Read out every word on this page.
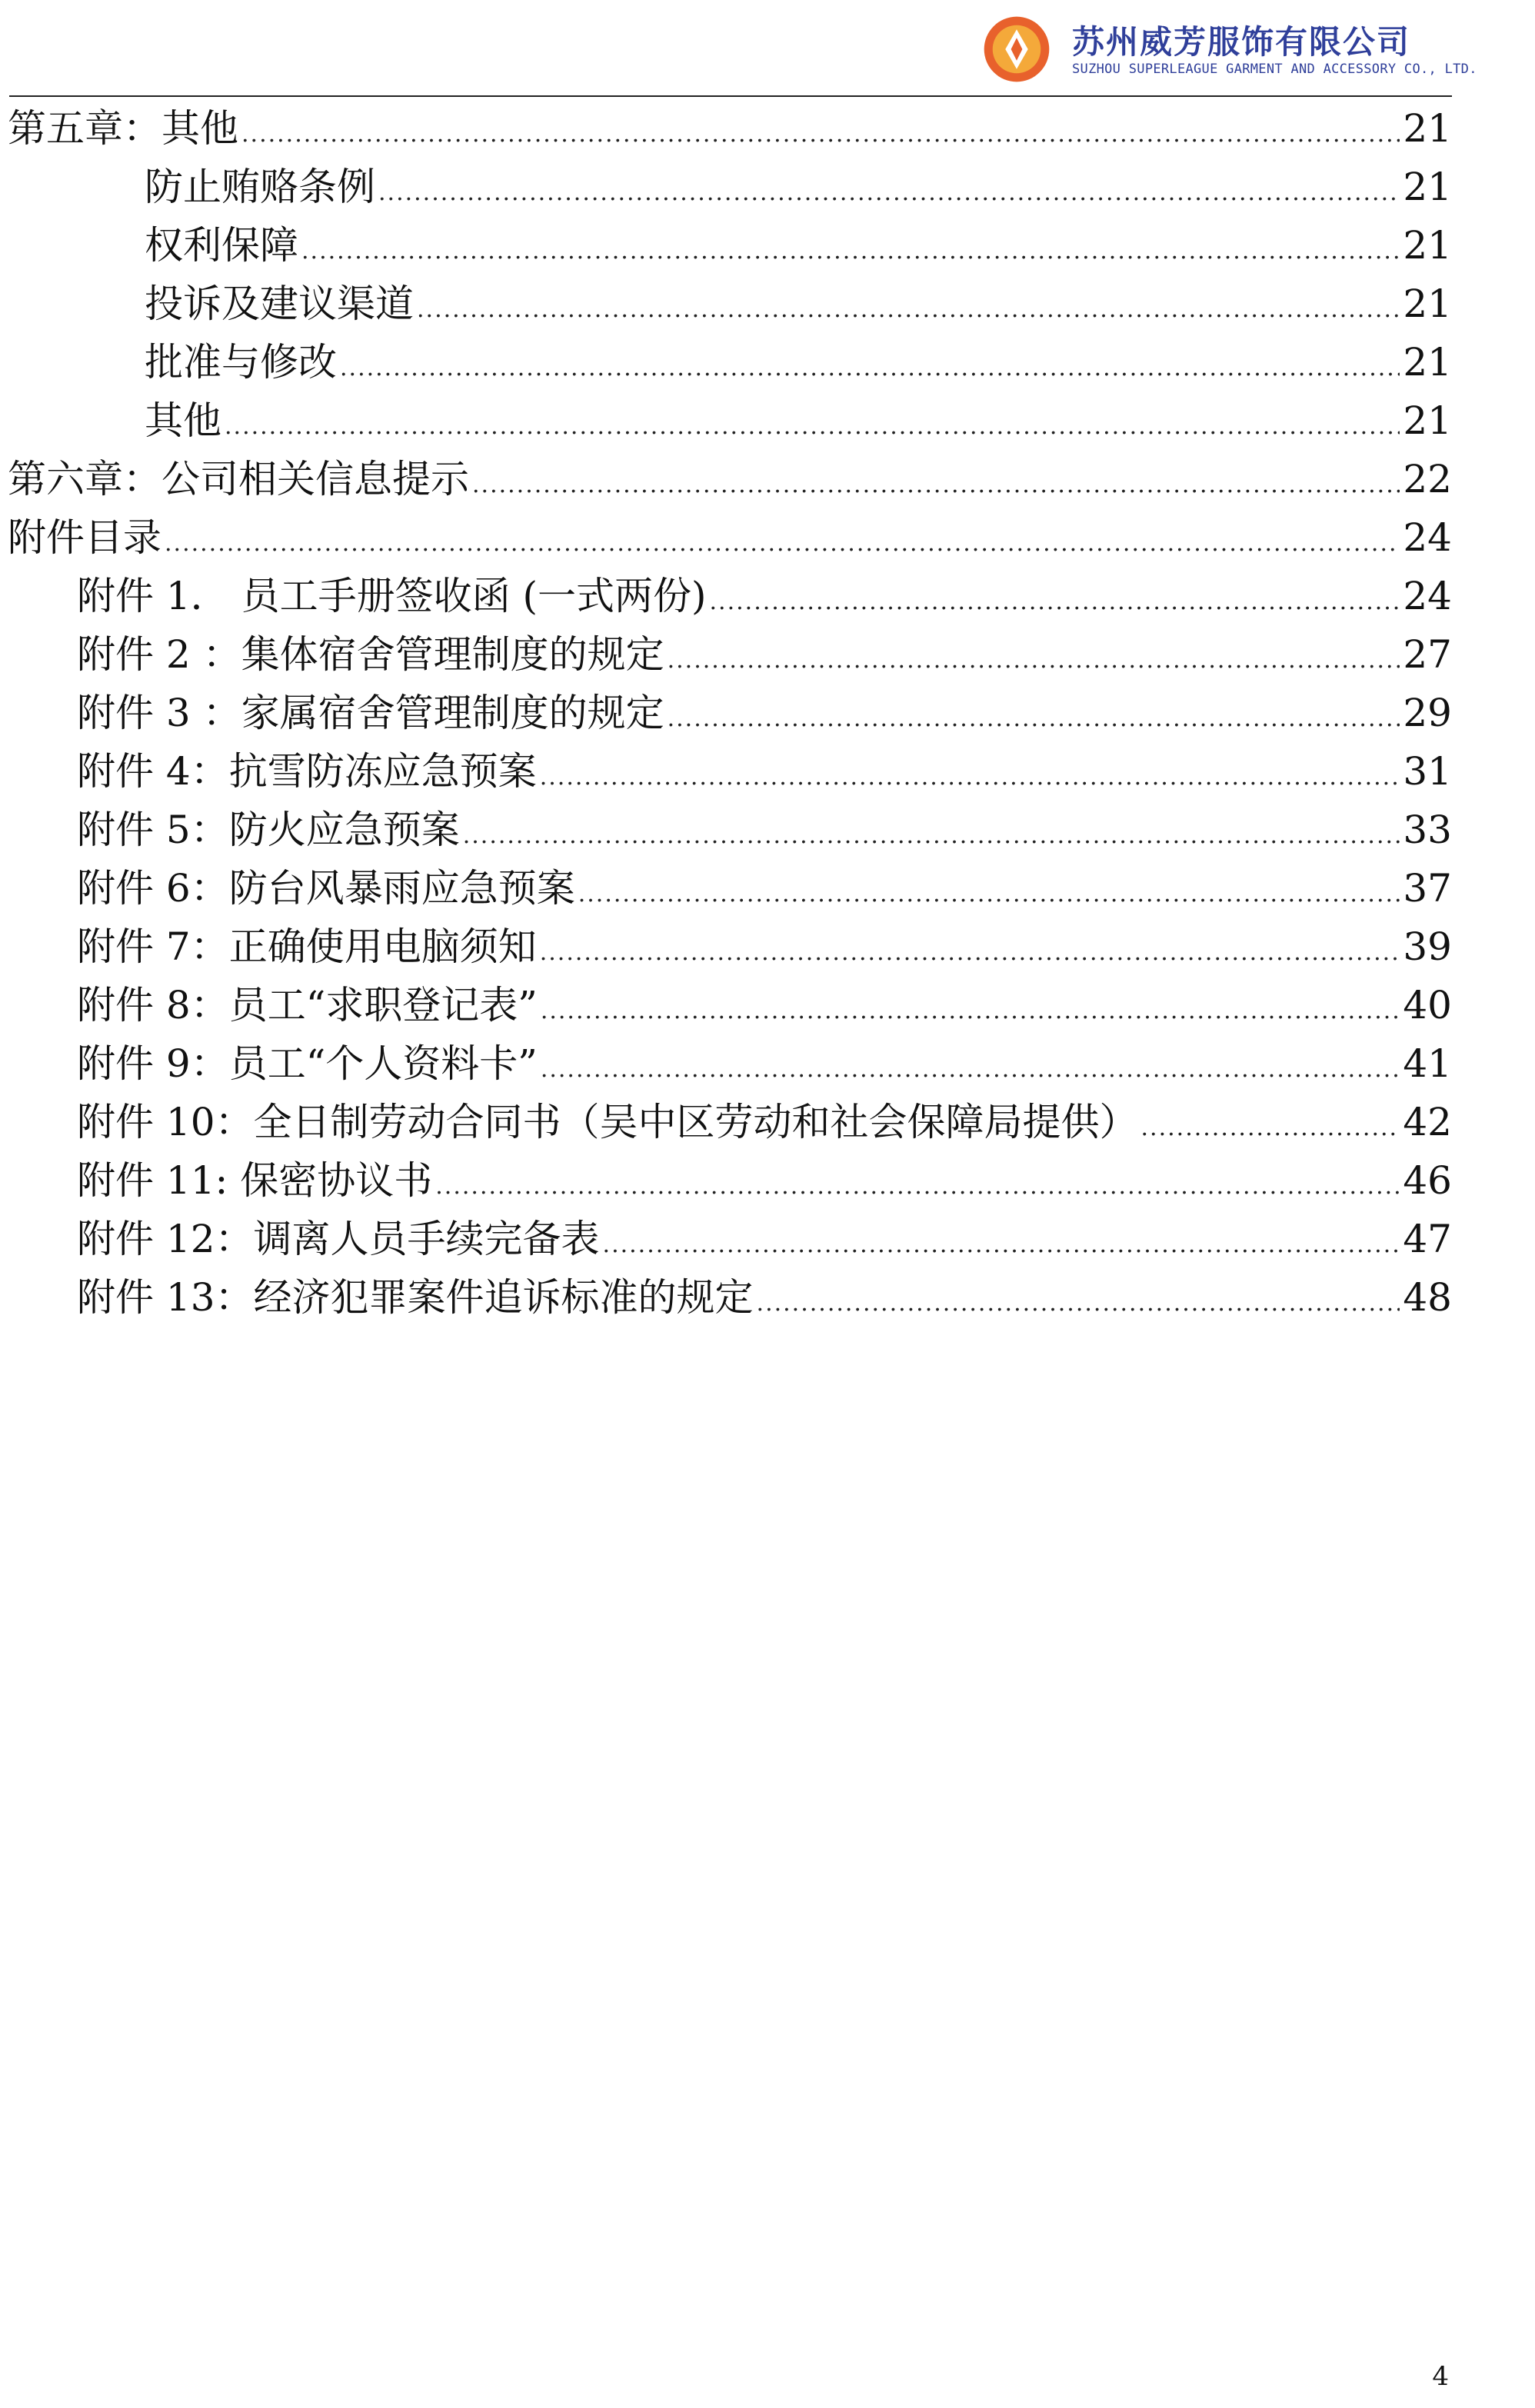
苏州威芳服饰有限公司
SUZHOU SUPERLEAGUE GARMENT AND ACCESSORY CO., LTD.
第五章：其他 .....	21
防止贿赂条例 .....	21
权利保障 .....	21
投诉及建议渠道 .....	21
批准与修改 .....	21
其他 .....	21
第六章：公司相关信息提示 .....	22
附件目录 .....	24
附件 1． 员工手册签收函 (一式两份) .....	24
附件 2 ：集体宿舍管理制度的规定 .....	27
附件 3 ：家属宿舍管理制度的规定 .....	29
附件 4：抗雪防冻应急预案 .....	31
附件 5：防火应急预案 .....	33
附件 6：防台风暴雨应急预案 .....	37
附件 7：正确使用电脑须知 .....	39
附件 8：员工“求职登记表” .....	40
附件 9：员工“个人资料卡” .....	41
附件 10：全日制劳动合同书（吴中区劳动和社会保障局提供） .....	42
附件 11: 保密协议书 .....	46
附件 12：调离人员手续完备表 .....	47
附件 13：经济犯罪案件追诉标准的规定 .....	48
4
